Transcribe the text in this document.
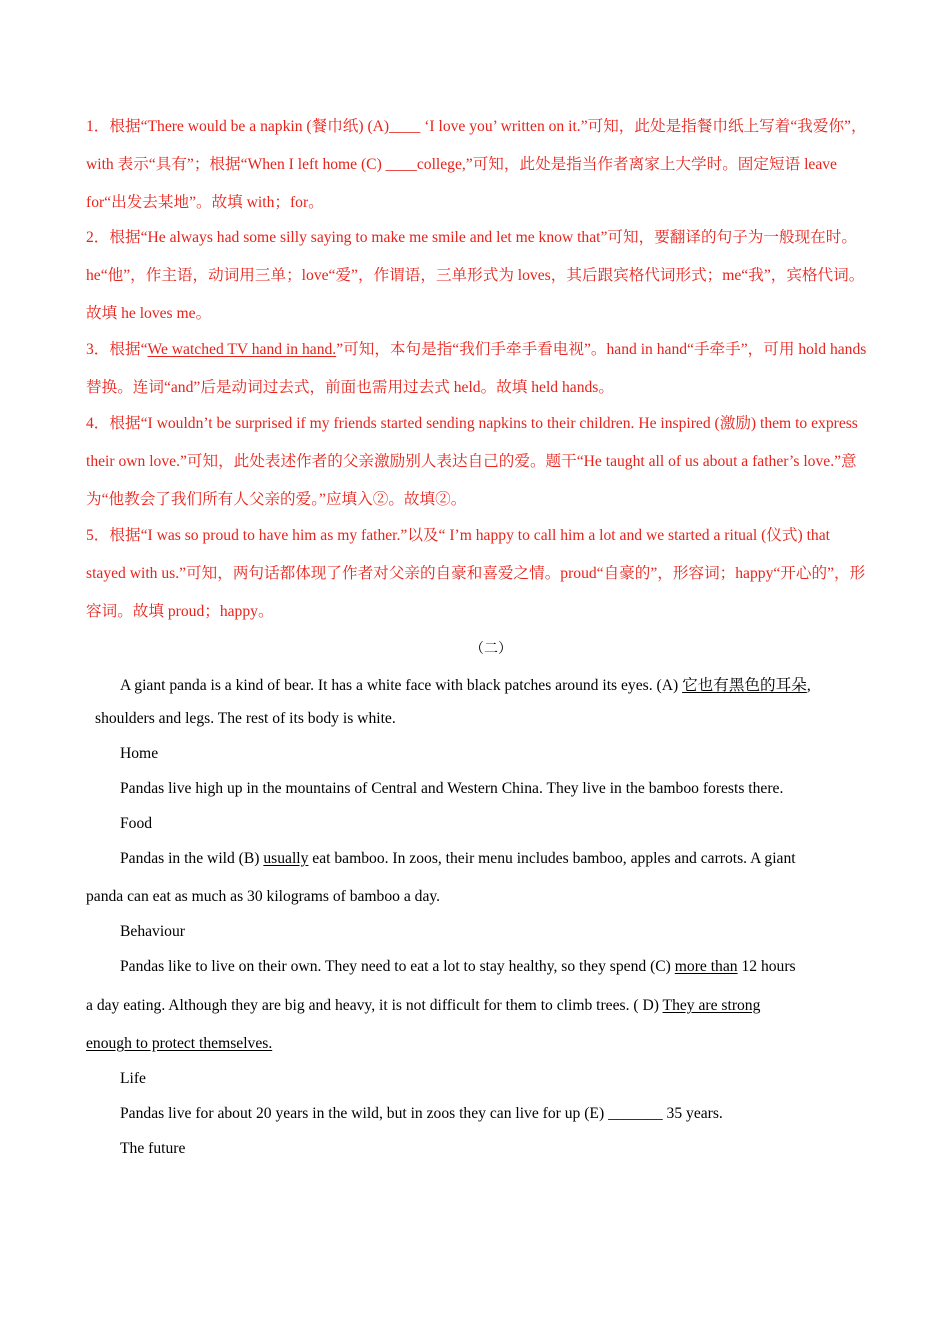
1．根据“There would be a napkin (餐巾纸) (A)____ ‘I love you’ written on it.”可知，此处是指餐巾纸上写着“我爱你”，with 表示“具有”；根据“When I left home (C) ____college,”可知，此处是指当作者离家上大学时。固定短语 leave for“出发去某地”。故填 with；for。

2．根据“He always had some silly saying to make me smile and let me know that”可知，要翻译的句子为一般现在时。he“他”，作主语，动词用三单；love“爱”，作谓语，三单形式为 loves，其后跟宾格代词形式；me“我”，宾格代词。故填 he loves me。

3．根据“We watched TV hand in hand.”可知，本句是指“我们手牵手看电视”。hand in hand“手牵手”，可用 hold hands 替换。连词“and”后是动词过去式，前面也需用过去式 held。故填 held hands。

4．根据“I wouldn’t be surprised if my friends started sending napkins to their children. He inspired (激励) them to express their own love.”可知，此处表述作者的父亲激励别人表达自己的爱。题干“He taught all of us about a father’s love.”意为“他教会了我们所有人父亲的爱。”应填入②。故填②。

5．根据“I was so proud to have him as my father.”以及“ I’m happy to call him a lot and we started a ritual (仪式) that stayed with us.”可知，两句话都体现了作者对父亲的自豪和喜爱之情。proud“自豪的”，形容词；happy“开心的”，形容词。故填 proud；happy。

（二）

A giant panda is a kind of bear. It has a white face with black patches around its eyes. (A) 它也有黑色的耳朵,

shoulders and legs. The rest of its body is white.

Home

Pandas live high up in the mountains of Central and Western China. They live in the bamboo forests there.

Food

Pandas in the wild (B) usually eat bamboo. In zoos, their menu includes bamboo, apples and carrots. A giant

panda can eat as much as 30 kilograms of bamboo a day.

Behaviour

Pandas like to live on their own. They need to eat a lot to stay healthy, so they spend (C) more than 12 hours

a day eating. Although they are big and heavy, it is not difficult for them to climb trees. ( D) They are strong

enough to protect themselves.

Life

Pandas live for about 20 years in the wild, but in zoos they can live for up (E) _______ 35 years.

The future
